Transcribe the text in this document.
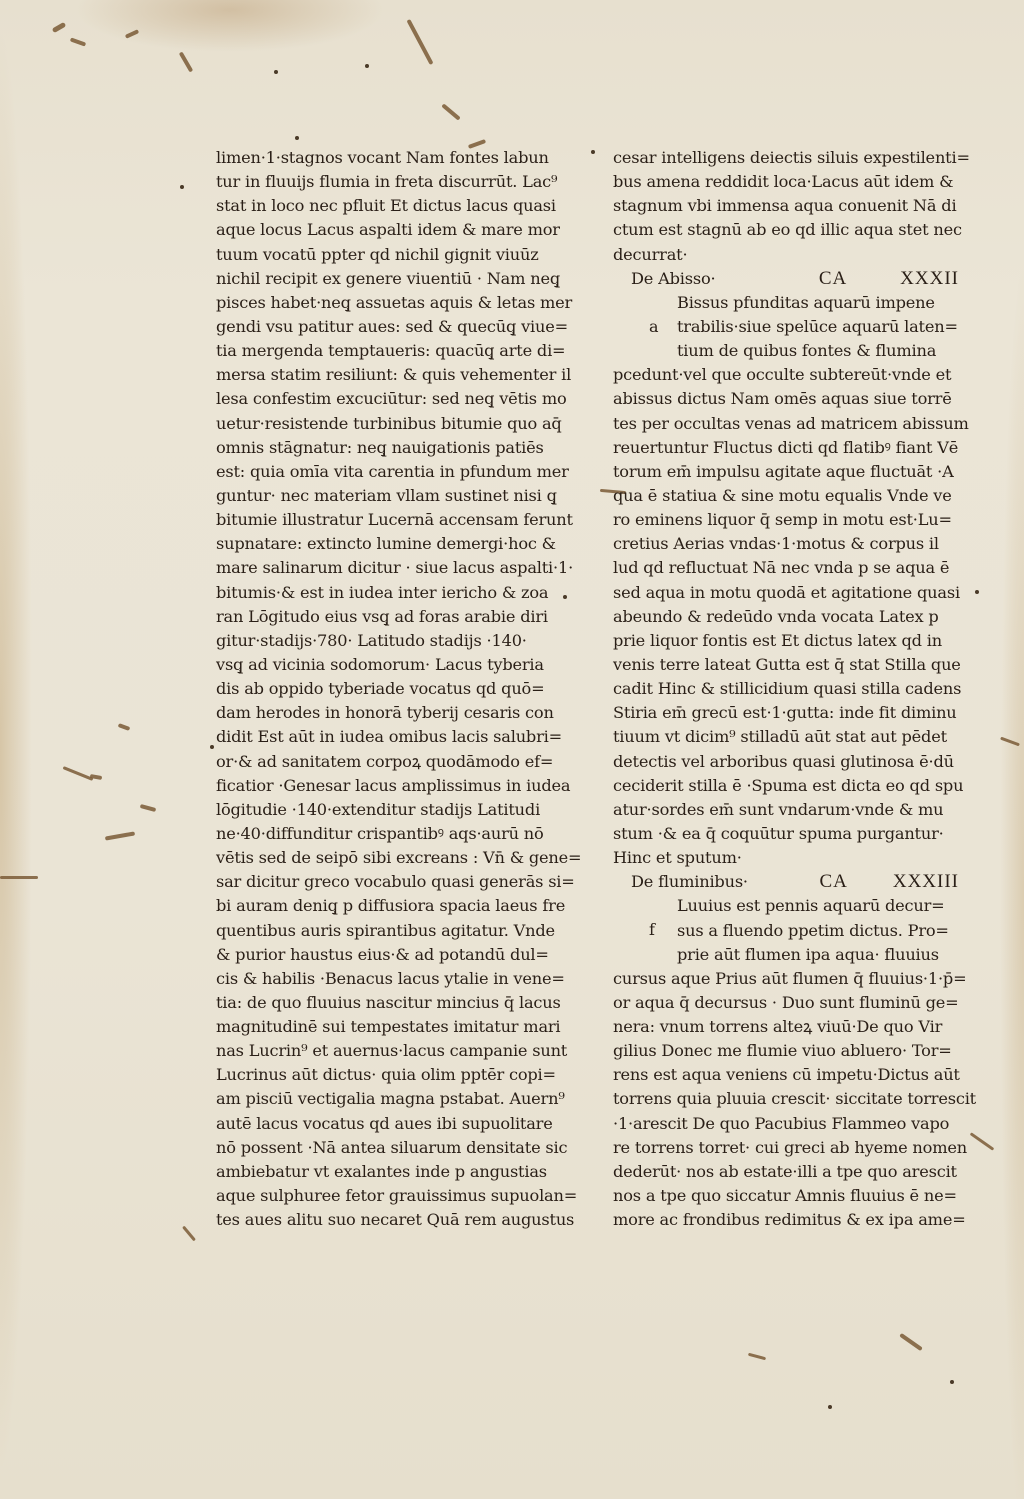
limen·1·stagnos vocant Nam fontes labun
tur in fluuijs flumia in freta discurrūt. Lac⁹
stat in loco nec pfluit Et dictus lacus quasi
aque locus Lacus aspalti idem & mare mor
tuum vocatū ppter qd nichil gignit viuūz
nichil recipit ex genere viuentiū · Nam neq̧
pisces habet·neq̧ assuetas aquis & letas mer
gendi vsu patitur aues: sed & quecūq̧ viue=
tia mergenda temptaueris: quacūq̧ arte di=
mersa statim resiliunt: & quis vehementer il
lesa confestim excuciūtur: sed neq̧ vētis mo
uetur·resistende turbinibus bitumie quo aq̄
omnis stāgnatur: neq̧ nauigationis patiēs
est: quia omīa vita carentia in pfundum mer
guntur· nec materiam vllam sustinet nisi q̧
bitumie illustratur Lucernā accensam ferunt
supnatare: extincto lumine demergi·hoc &
mare salinarum dicitur · siue lacus aspalti·1·
bitumis·& est in iudea inter iericho & zoa
ran Lōgitudo eius vsq̧ ad foras arabie diri
gitur·stadijs·780· Latitudo stadijs ·140·
vsq̧ ad vicinia sodomorum· Lacus tyberia
dis ab oppido tyberiade vocatus qd quō=
dam herodes in honorā tyberij cesaris con
didit Est aūt in iudea omibus lacis salubri=
or·& ad sanitatem corpoꝝ quodāmodo ef=
ficatior ·Genesar lacus amplissimus in iudea
lōgitudie ·140·extenditur stadijs Latitudi
ne·40·diffunditur crispantibꝰ aqs·aurū nō
vētis sed de seipō sibi excreans : Vn̄ & gene=
sar dicitur greco vocabulo quasi generās si=
bi auram deniq̧ p diffusiora spacia laeus fre
quentibus auris spirantibus agitatur. Vnde
& purior haustus eius·& ad potandū dul=
cis & habilis ·Benacus lacus ytalie in vene=
tia: de quo fluuius nascitur mincius q̄ lacus
magnitudinē sui tempestates imitatur mari
nas Lucrin⁹ et auernus·lacus campanie sunt
Lucrinus aūt dictus· quia olim pptēr copi=
am pisciū vectigalia magna pstabat. Auern⁹
autē lacus vocatus qd aues ibi supuolitare
nō possent ·Nā antea siluarum densitate sic
ambiebatur vt exalantes inde p angustias
aque sulphuree fetor grauissimus supuolan=
tes aues alitu suo necaret Quā rem augustus
cesar intelligens deiectis siluis expestilenti=
bus amena reddidit loca·Lacus aūt idem &
stagnum vbi immensa aqua conuenit Nā di
ctum est stagnū ab eo qd illic aqua stet nec
decurrat·
De Abisso·	CA	XXXII
a
Bissus pfunditas aquarū impene
trabilis·siue spelūce aquarū laten=
tium de quibus fontes & flumina
pcedunt·vel que occulte subtereūt·vnde et
abissus dictus Nam omēs aquas siue torrē
tes per occultas venas ad matricem abissum
reuertuntur Fluctus dicti qd flatibꝰ fiant Vē
torum em̄ impulsu agitate aque fluctuāt ·A
qua ē statiua & sine motu equalis Vnde ve
ro eminens liquor q̄ semp in motu est·Lu=
cretius Aerias vndas·1·motus & corpus il
lud qd refluctuat Nā nec vnda p se aqua ē
sed aqua in motu quodā et agitatione quasi
abeundo & redeūdo vnda vocata Latex p
prie liquor fontis est Et dictus latex qd in
venis terre lateat Gutta est q̄ stat Stilla que
cadit Hinc & stillicidium quasi stilla cadens
Stiria em̄ grecū est·1·gutta: inde fit diminu
tiuum vt dicim⁹ stilladū aūt stat aut pēdet
detectis vel arboribus quasi glutinosa ē·dū
ceciderit stilla ē ·Spuma est dicta eo qd spu
atur·sordes em̄ sunt vndarum·vnde & mu
stum ·& ea q̄ coquūtur spuma purgantur·
Hinc et sputum·
De fluminibus·	CA XXXIII
f
Luuius est pennis aquarū decur=
sus a fluendo ppetim dictus. Pro=
prie aūt flumen ipa aqua· fluuius
cursus aque Prius aūt flumen q̄ fluuius·1·p̄=
or aqua q̄ decursus · Duo sunt fluminū ge=
nera: vnum torrens alteꝝ viuū·De quo Vir
gilius Donec me flumie viuo abluero· Tor=
rens est aqua veniens cū impetu·Dictus aūt
torrens quia pluuia crescit· siccitate torrescit
·1·arescit De quo Pacubius Flammeo vapo
re torrens torret· cui greci ab hyeme nomen
dederūt· nos ab estate·illi a tpe quo arescit
nos a tpe quo siccatur Amnis fluuius ē ne=
more ac frondibus redimitus & ex ipa ame=
